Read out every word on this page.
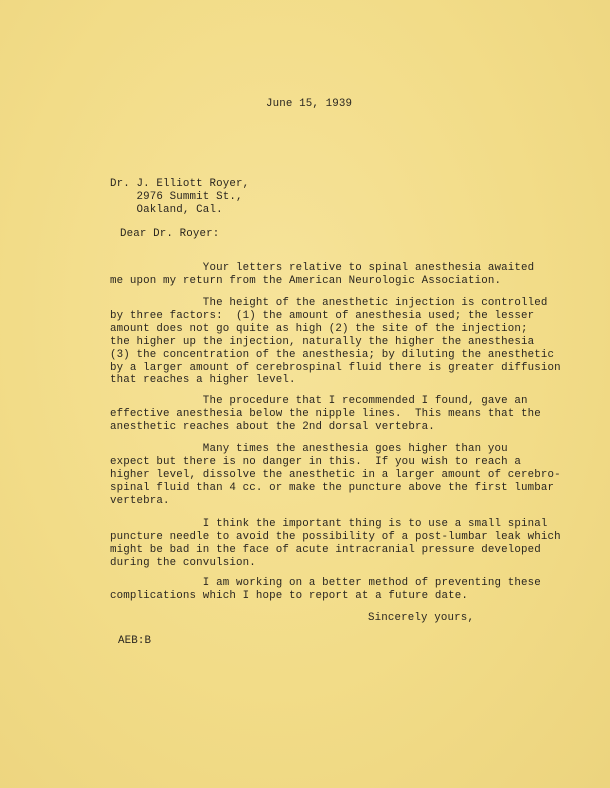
June 15, 1939

Dr. J. Elliott Royer,
2976 Summit St.,
Oakland, Cal.

Dear Dr. Royer:

Your letters relative to spinal anesthesia awaited
me upon my return from the American Neurologic Association.

The height of the anesthetic injection is controlled
by three factors:  (1) the amount of anesthesia used; the lesser
amount does not go quite as high (2) the site of the injection;
the higher up the injection, naturally the higher the anesthesia
(3) the concentration of the anesthesia; by diluting the anesthetic
by a larger amount of cerebrospinal fluid there is greater diffusion
that reaches a higher level.

The procedure that I recommended I found, gave an
effective anesthesia below the nipple lines.  This means that the
anesthetic reaches about the 2nd dorsal vertebra.

Many times the anesthesia goes higher than you
expect but there is no danger in this.  If you wish to reach a
higher level, dissolve the anesthetic in a larger amount of cerebro-
spinal fluid than 4 cc. or make the puncture above the first lumbar
vertebra.

I think the important thing is to use a small spinal
puncture needle to avoid the possibility of a post-lumbar leak which
might be bad in the face of acute intracranial pressure developed
during the convulsion.

I am working on a better method of preventing these
complications which I hope to report at a future date.

Sincerely yours,

AEB:B
